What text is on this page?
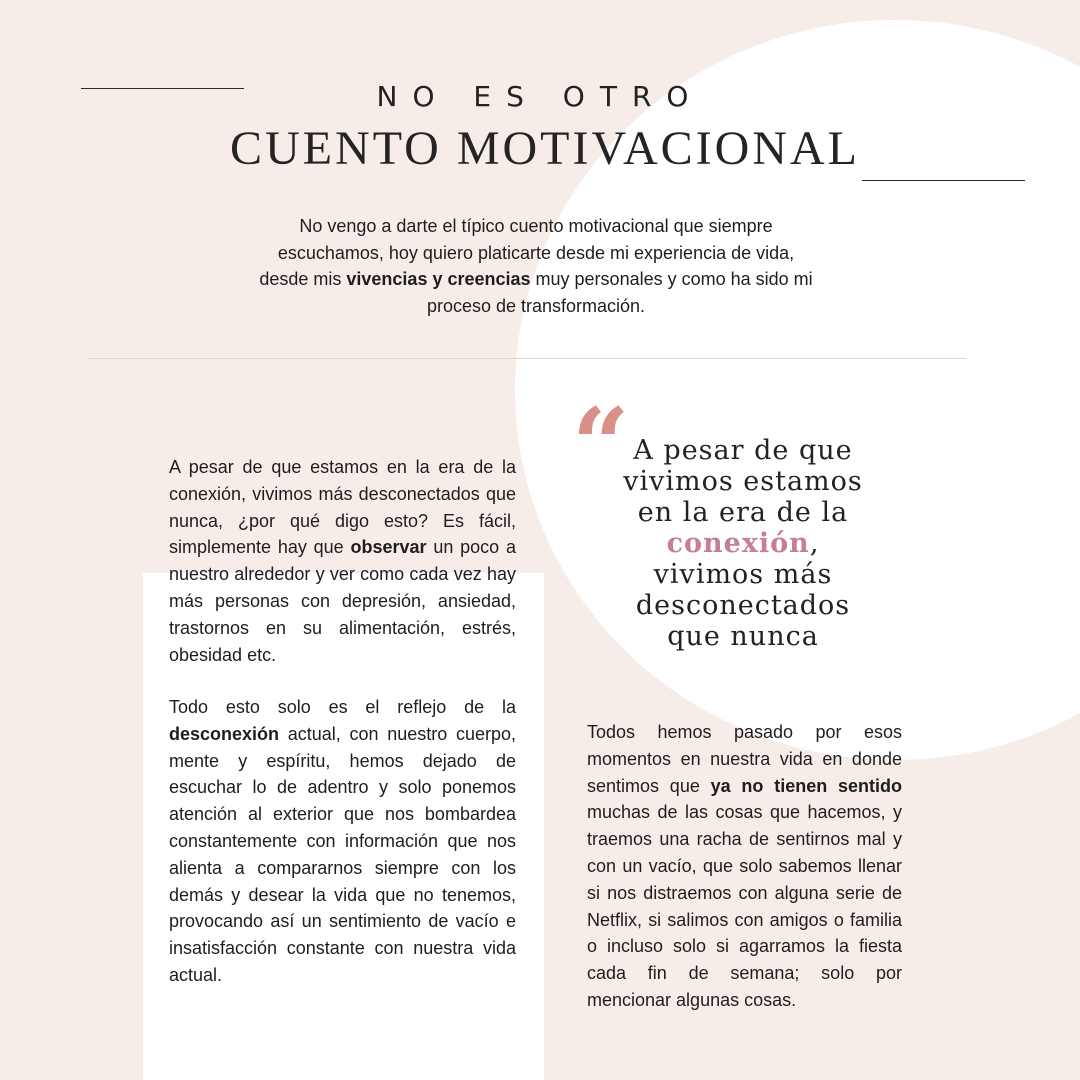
NO ES OTRO
CUENTO MOTIVACIONAL

No vengo a darte el típico cuento motivacional que siempre escuchamos, hoy quiero platicarte desde mi experiencia de vida, desde mis vivencias y creencias muy personales y como ha sido mi proceso de transformación.

A pesar de que estamos en la era de la conexión, vivimos más desconectados que nunca, ¿por qué digo esto? Es fácil, simplemente hay que observar un poco a nuestro alrededor y ver como cada vez hay más personas con depresión, ansiedad, trastornos en su alimentación, estrés, obesidad etc.

Todo esto solo es el reflejo de la desconexión actual, con nuestro cuerpo, mente y espíritu, hemos dejado de escuchar lo de adentro y solo ponemos atención al exterior que nos bombardea constantemente con información que nos alienta a compararnos siempre con los demás y desear la vida que no tenemos, provocando así un sentimiento de vacío e insatisfacción constante con nuestra vida actual.

“ A pesar de que vivimos estamos en la era de la conexión, vivimos más desconectados que nunca

Todos hemos pasado por esos momentos en nuestra vida en donde sentimos que ya no tienen sentido muchas de las cosas que hacemos, y traemos una racha de sentirnos mal y con un vacío, que solo sabemos llenar si nos distraemos con alguna serie de Netflix, si salimos con amigos o familia o incluso solo si agarramos la fiesta cada fin de semana; solo por mencionar algunas cosas.
